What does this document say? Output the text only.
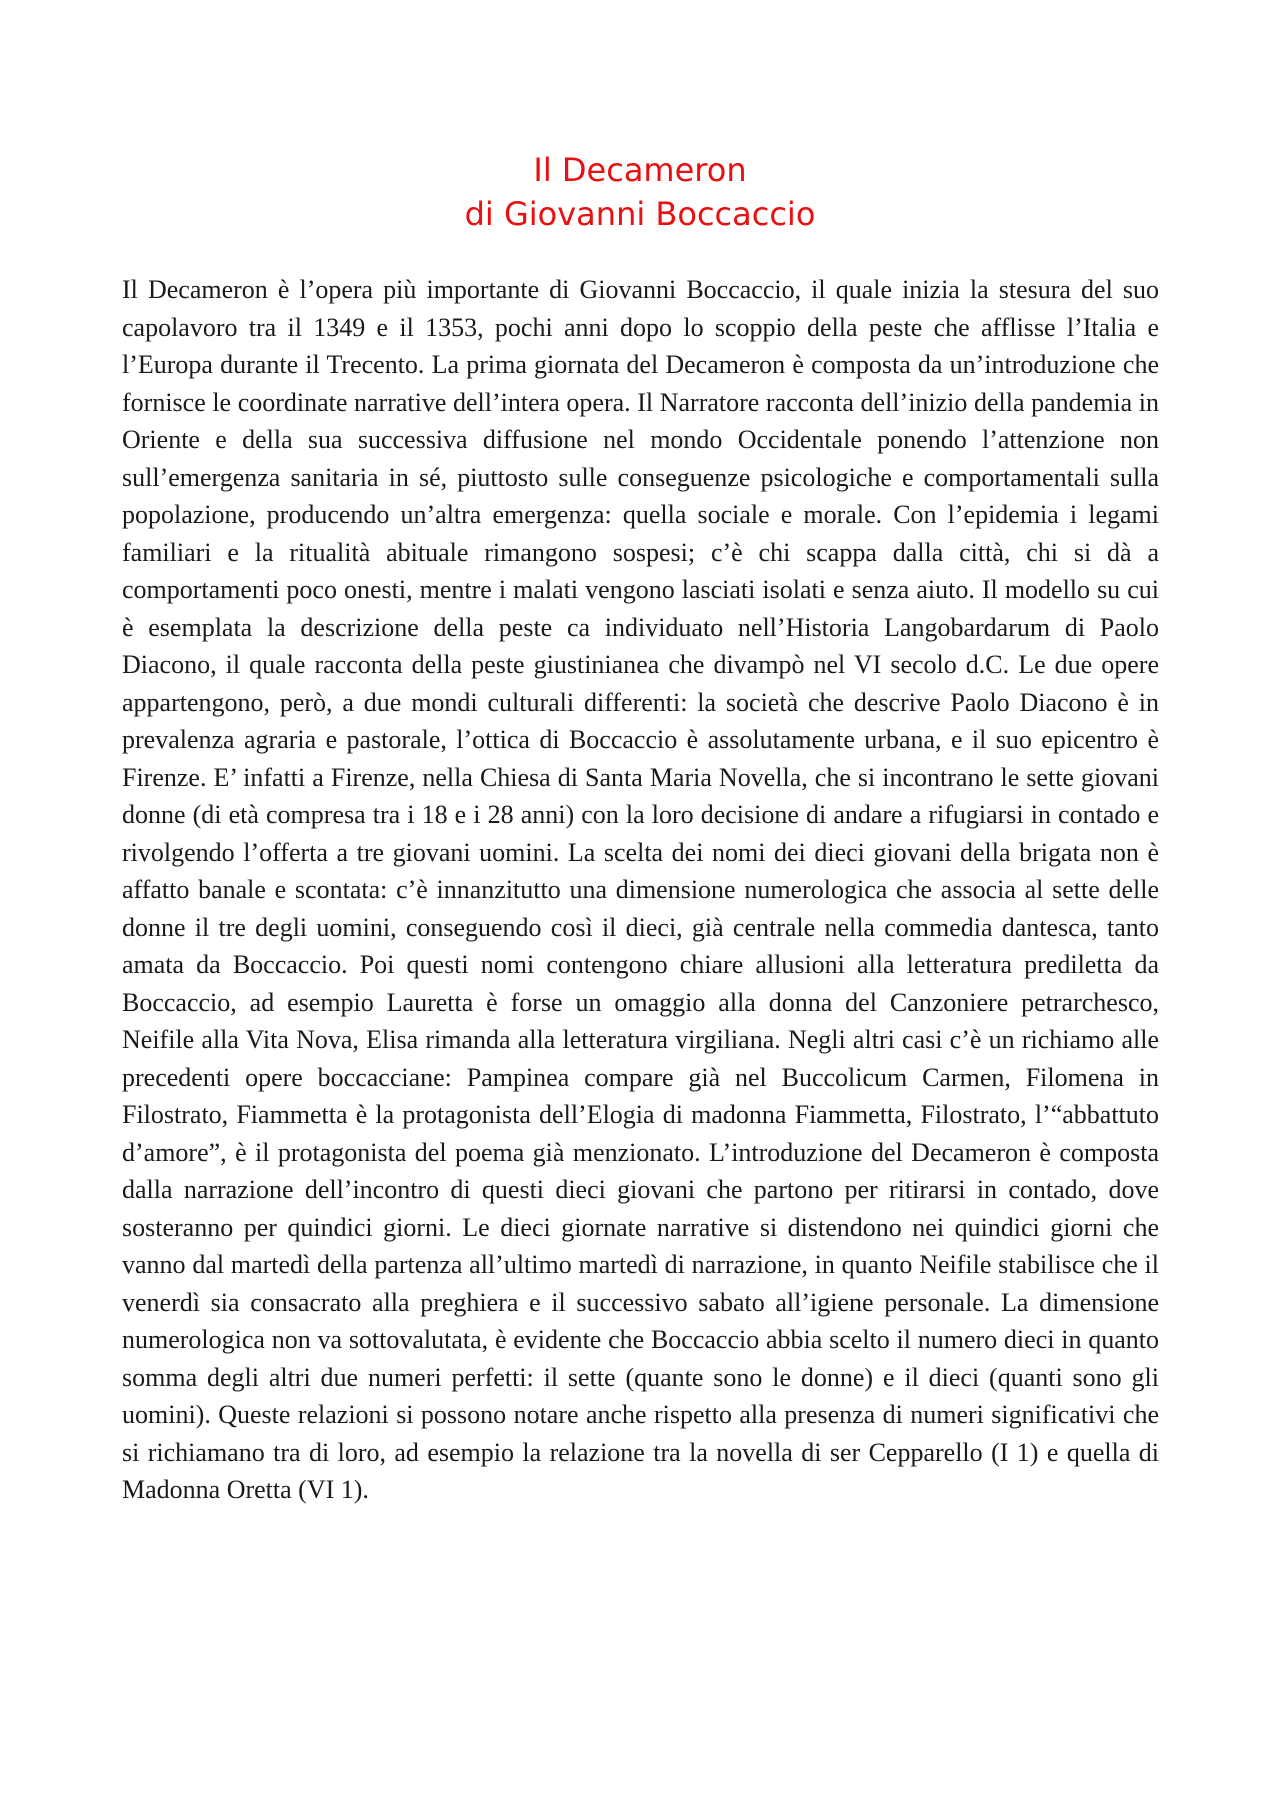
Il Decameron
di Giovanni Boccaccio

Il Decameron è l’opera più importante di Giovanni Boccaccio, il quale inizia la stesura del suo capolavoro tra il 1349 e il 1353, pochi anni dopo lo scoppio della peste che afflisse l’Italia e l’Europa durante il Trecento. La prima giornata del Decameron è composta da un’introduzione che fornisce le coordinate narrative dell’intera opera. Il Narratore racconta dell’inizio della pandemia in Oriente e della sua successiva diffusione nel mondo Occidentale ponendo l’attenzione non sull’emergenza sanitaria in sé, piuttosto sulle conseguenze psicologiche e comportamentali sulla popolazione, producendo un’altra emergenza: quella sociale e morale. Con l’epidemia i legami familiari e la ritualità abituale rimangono sospesi; c’è chi scappa dalla città, chi si dà a comportamenti poco onesti, mentre i malati vengono lasciati isolati e senza aiuto. Il modello su cui è esemplata la descrizione della peste ca individuato nell’Historia Langobardarum di Paolo Diacono, il quale racconta della peste giustinianea che divampò nel VI secolo d.C. Le due opere appartengono, però, a due mondi culturali differenti: la società che descrive Paolo Diacono è in prevalenza agraria e pastorale, l’ottica di Boccaccio è assolutamente urbana, e il suo epicentro è Firenze. E’ infatti a Firenze, nella Chiesa di Santa Maria Novella, che si incontrano le sette giovani donne (di età compresa tra i 18 e i 28 anni) con la loro decisione di andare a rifugiarsi in contado e rivolgendo l’offerta a tre giovani uomini. La scelta dei nomi dei dieci giovani della brigata non è affatto banale e scontata: c’è innanzitutto una dimensione numerologica che associa al sette delle donne il tre degli uomini, conseguendo così il dieci, già centrale nella commedia dantesca, tanto amata da Boccaccio. Poi questi nomi contengono chiare allusioni alla letteratura prediletta da Boccaccio, ad esempio Lauretta è forse un omaggio alla donna del Canzoniere petrarchesco, Neifile alla Vita Nova, Elisa rimanda alla letteratura virgiliana. Negli altri casi c’è un richiamo alle precedenti opere boccacciane: Pampinea compare già nel Buccolicum Carmen, Filomena in Filostrato, Fiammetta è la protagonista dell’Elogia di madonna Fiammetta, Filostrato, l’“abbattuto d’amore”, è il protagonista del poema già menzionato. L’introduzione del Decameron è composta dalla narrazione dell’incontro di questi dieci giovani che partono per ritirarsi in contado, dove sosteranno per quindici giorni. Le dieci giornate narrative si distendono nei quindici giorni che vanno dal martedì della partenza all’ultimo martedì di narrazione, in quanto Neifile stabilisce che il venerdì sia consacrato alla preghiera e il successivo sabato all’igiene personale. La dimensione numerologica non va sottovalutata, è evidente che Boccaccio abbia scelto il numero dieci in quanto somma degli altri due numeri perfetti: il sette (quante sono le donne) e il dieci (quanti sono gli uomini). Queste relazioni si possono notare anche rispetto alla presenza di numeri significativi che si richiamano tra di loro, ad esempio la relazione tra la novella di ser Cepparello (I 1) e quella di Madonna Oretta (VI 1).
